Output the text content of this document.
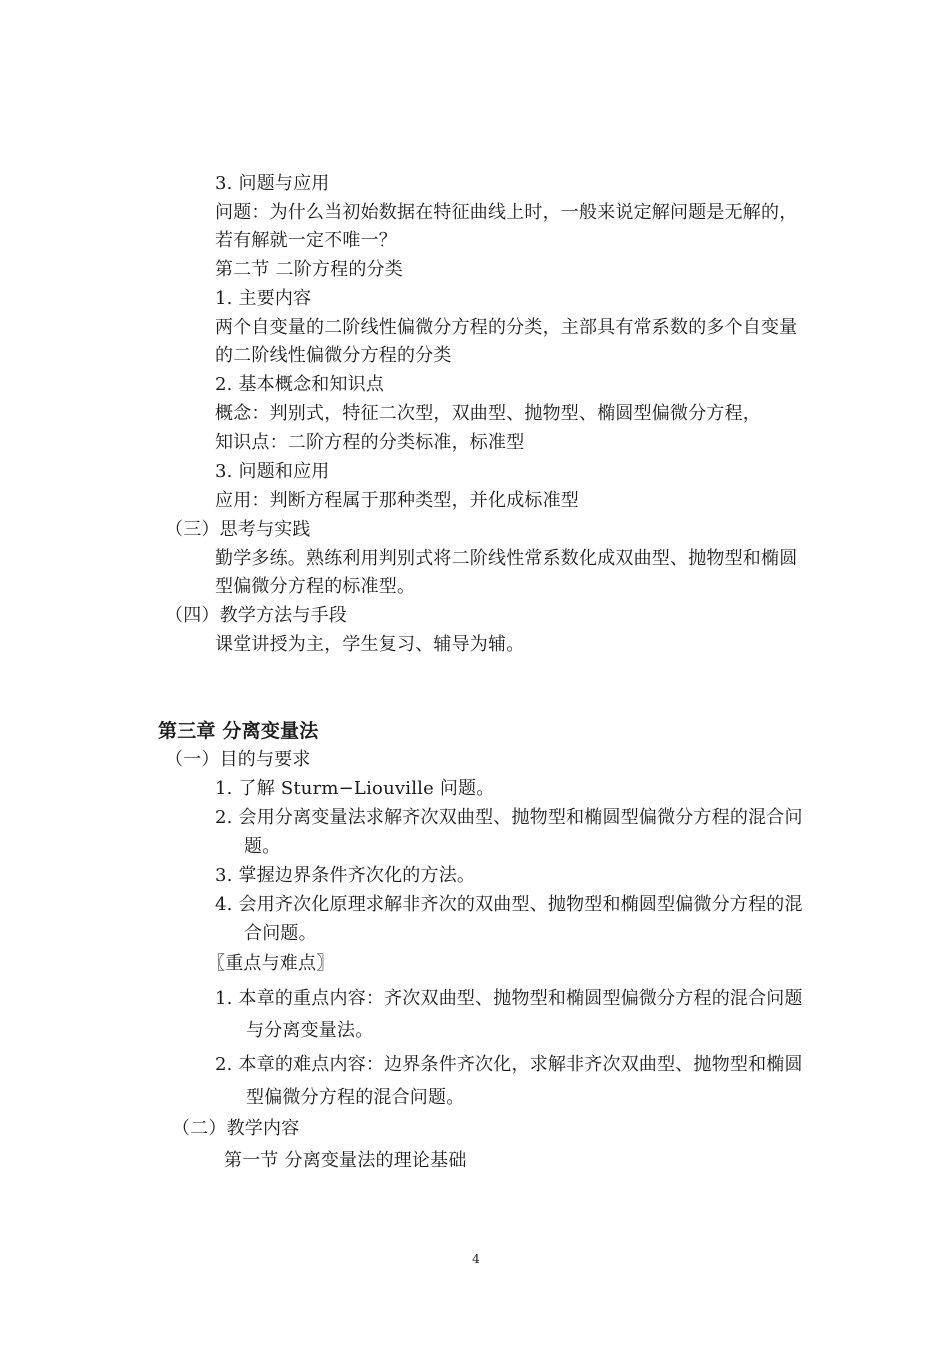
3. 问题与应用
问题：为什么当初始数据在特征曲线上时，一般来说定解问题是无解的，
若有解就一定不唯一？
第二节 二阶方程的分类
1. 主要内容
两个自变量的二阶线性偏微分方程的分类，主部具有常系数的多个自变量
的二阶线性偏微分方程的分类
2. 基本概念和知识点
概念：判别式，特征二次型，双曲型、抛物型、椭圆型偏微分方程，
知识点：二阶方程的分类标准，标准型
3. 问题和应用
应用：判断方程属于那种类型，并化成标准型
（三）思考与实践
勤学多练。熟练利用判别式将二阶线性常系数化成双曲型、抛物型和椭圆
型偏微分方程的标准型。
（四）教学方法与手段
课堂讲授为主，学生复习、辅导为辅。
第三章 分离变量法
（一）目的与要求
1. 了解 Sturm−Liouville 问题。
2. 会用分离变量法求解齐次双曲型、抛物型和椭圆型偏微分方程的混合问
题。
3. 掌握边界条件齐次化的方法。
4. 会用齐次化原理求解非齐次的双曲型、抛物型和椭圆型偏微分方程的混
合问题。
〖重点与难点〗
1. 本章的重点内容：齐次双曲型、抛物型和椭圆型偏微分方程的混合问题
与分离变量法。
2. 本章的难点内容：边界条件齐次化，求解非齐次双曲型、抛物型和椭圆
型偏微分方程的混合问题。
（二）教学内容
第一节 分离变量法的理论基础
4
